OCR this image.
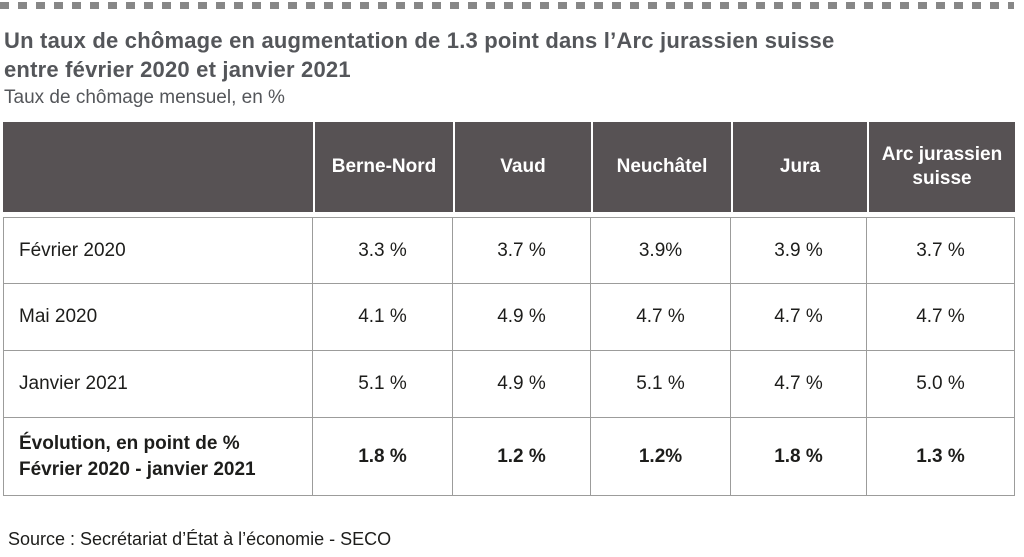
Un taux de chômage en augmentation de 1.3 point dans l’Arc jurassien suisse
entre février 2020 et janvier 2021
Taux de chômage mensuel, en %
	Berne-Nord	Vaud	Neuchâtel	Jura	Arc jurassien suisse
Février 2020	3.3 %	3.7 %	3.9%	3.9 %	3.7 %
Mai 2020	4.1 %	4.9 %	4.7 %	4.7 %	4.7 %
Janvier 2021	5.1 %	4.9 %	5.1 %	4.7 %	5.0 %

Évolution, en point de %
Février 2020 - janvier 2021	1.8 %	1.2 %	1.2%	1.8 %	1.3 %
Source : Secrétariat d’État à l’économie - SECO
